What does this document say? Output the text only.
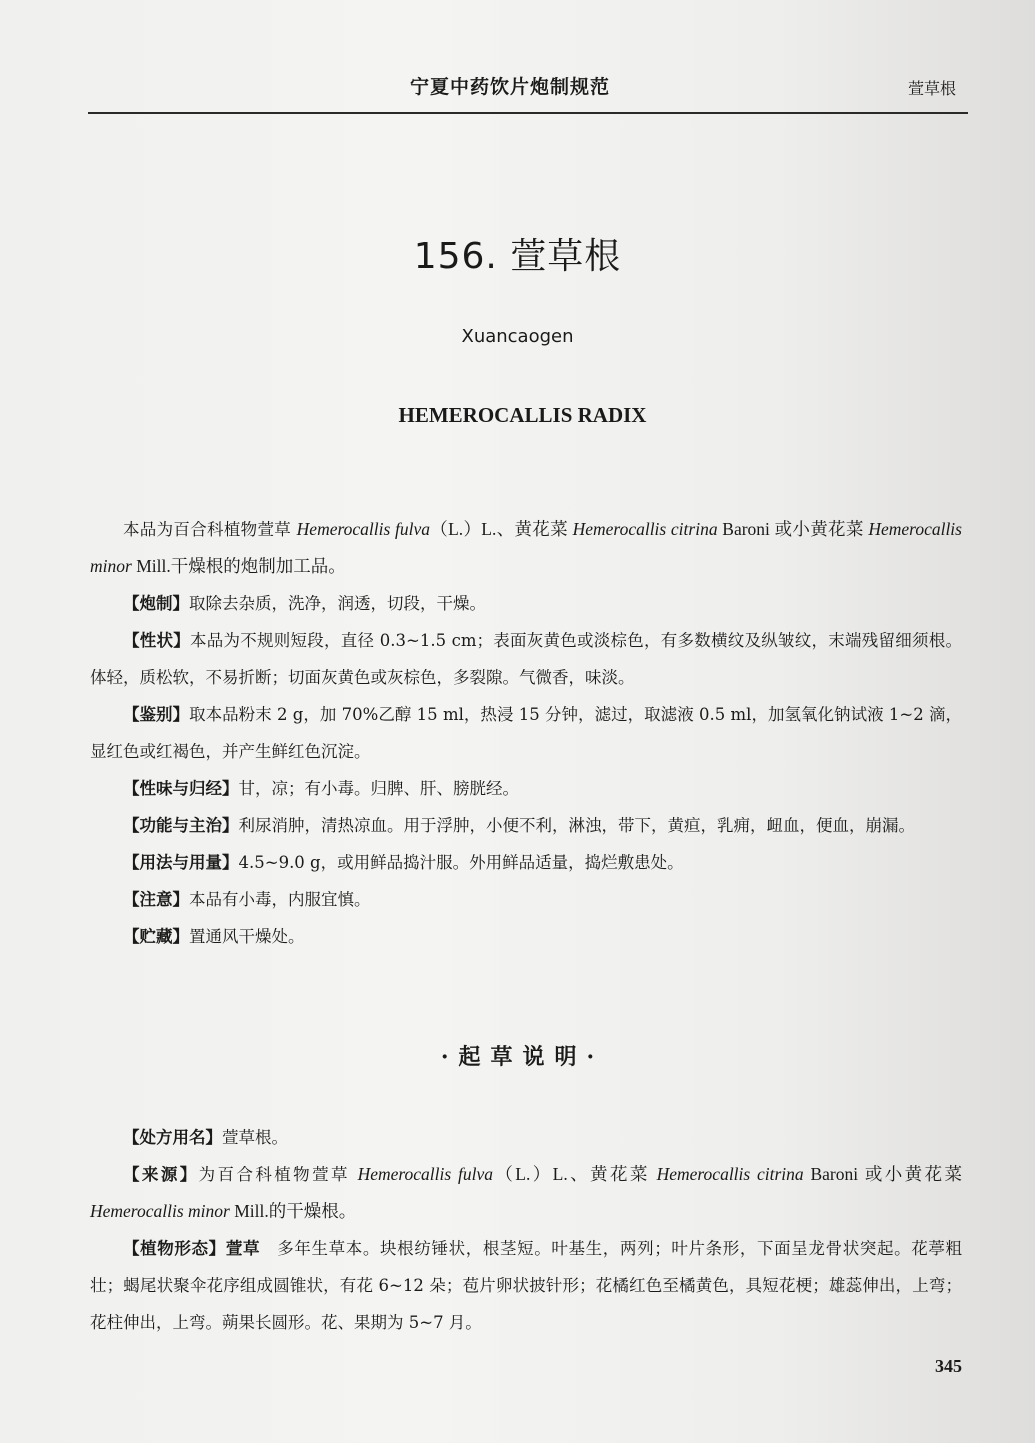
宁夏中药饮片炮制规范	萱草根
156. 萱草根
Xuancaogen
HEMEROCALLIS RADIX

本品为百合科植物萱草 Hemerocallis fulva（L.）L.、黄花菜 Hemerocallis citrina Baroni 或小黄花菜 Hemerocallis minor Mill.干燥根的炮制加工品。

【炮制】取除去杂质，洗净，润透，切段，干燥。

【性状】本品为不规则短段，直径 0.3~1.5 cm；表面灰黄色或淡棕色，有多数横纹及纵皱纹，末端残留细须根。体轻，质松软，不易折断；切面灰黄色或灰棕色，多裂隙。气微香，味淡。

【鉴别】取本品粉末 2 g，加 70%乙醇 15 ml，热浸 15 分钟，滤过，取滤液 0.5 ml，加氢氧化钠试液 1~2 滴，显红色或红褐色，并产生鲜红色沉淀。

【性味与归经】甘，凉；有小毒。归脾、肝、膀胱经。

【功能与主治】利尿消肿，清热凉血。用于浮肿，小便不利，淋浊，带下，黄疸，乳痈，衄血，便血，崩漏。

【用法与用量】4.5~9.0 g，或用鲜品捣汁服。外用鲜品适量，捣烂敷患处。

【注意】本品有小毒，内服宜慎。

【贮藏】置通风干燥处。

·起草说明·

【处方用名】萱草根。

【来源】为百合科植物萱草 Hemerocallis fulva（L.）L.、黄花菜 Hemerocallis citrina Baroni 或小黄花菜 Hemerocallis minor Mill.的干燥根。

【植物形态】萱草　 多年生草本。块根纺锤状，根茎短。叶基生，两列；叶片条形，下面呈龙骨状突起。花葶粗壮；蝎尾状聚伞花序组成圆锥状，有花 6~12 朵；苞片卵状披针形；花橘红色至橘黄色，具短花梗；雄蕊伸出，上弯；花柱伸出，上弯。蒴果长圆形。花、果期为 5~7 月。

345
